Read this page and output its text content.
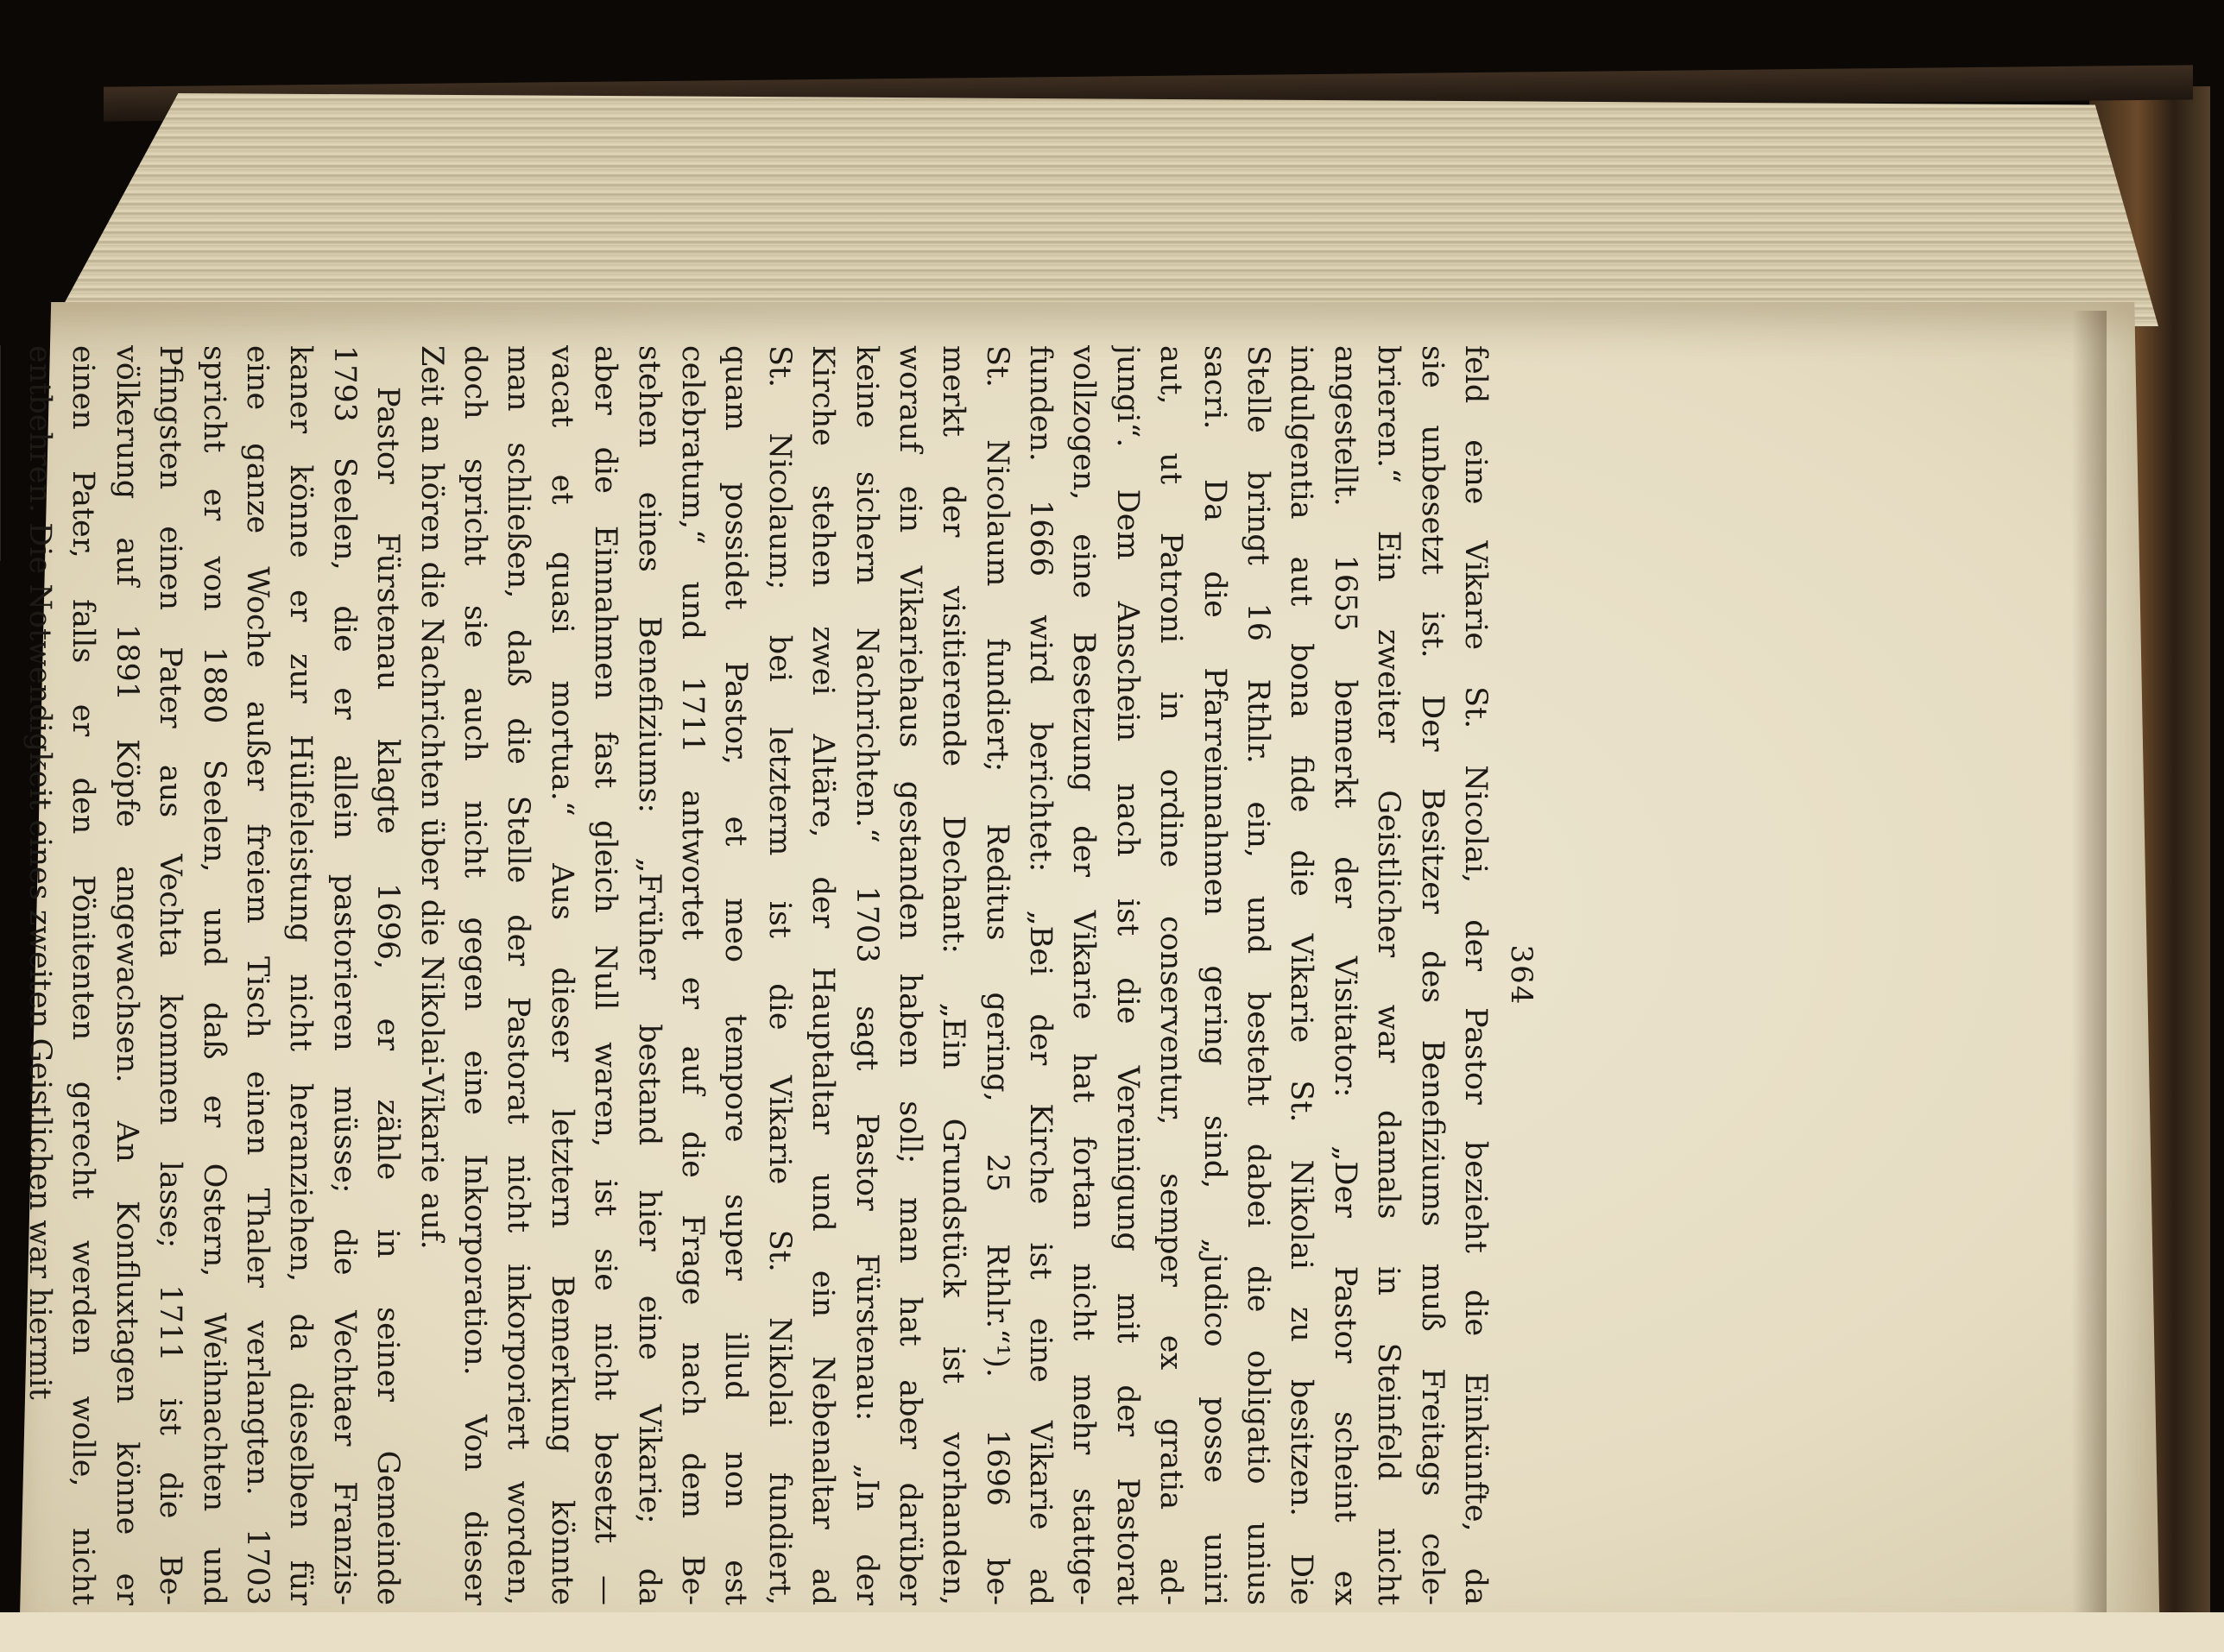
364
feld eine Vikarie St. Nicolai, der Pastor bezieht die Einkünfte, da
sie unbesetzt ist. Der Besitzer des Benefiziums muß Freitags cele-
brieren.“ Ein zweiter Geistlicher war damals in Steinfeld nicht
angestellt. 1655 bemerkt der Visitator: „Der Pastor scheint ex
indulgentia aut bona fide die Vikarie St. Nikolai zu besitzen. Die
Stelle bringt 16 Rthlr. ein, und besteht dabei die obligatio unius
sacri. Da die Pfarreinnahmen gering sind, „judico posse uniri
aut, ut Patroni in ordine conserventur, semper ex gratia ad-
jungi“. Dem Anschein nach ist die Vereinigung mit der Pastorat
vollzogen, eine Besetzung der Vikarie hat fortan nicht mehr stattge-
funden. 1666 wird berichtet: „Bei der Kirche ist eine Vikarie ad
St. Nicolaum fundiert; Reditus gering, 25 Rthlr.“¹). 1696 be-
merkt der visitierende Dechant: „Ein Grundstück ist vorhanden,
worauf ein Vikariehaus gestanden haben soll; man hat aber darüber
keine sichern Nachrichten.“ 1703 sagt Pastor Fürstenau: „In der
Kirche stehen zwei Altäre, der Hauptaltar und ein Nebenaltar ad
St. Nicolaum; bei letzterm ist die Vikarie St. Nikolai fundiert,
quam possidet Pastor, et meo tempore super illud non est
celebratum,“ und 1711 antwortet er auf die Frage nach dem Be-
stehen eines Benefiziums: „Früher bestand hier eine Vikarie; da
aber die Einnahmen fast gleich Null waren, ist sie nicht besetzt —
vacat et quasi mortua.“ Aus dieser letztern Bemerkung könnte
man schließen, daß die Stelle der Pastorat nicht inkorporiert worden,
doch spricht sie auch nicht gegen eine Inkorporation. Von dieser
Zeit an hören die Nachrichten über die Nikolai-Vikarie auf.
Pastor Fürstenau klagte 1696, er zähle in seiner Gemeinde
1793 Seelen, die er allein pastorieren müsse; die Vechtaer Franzis-
kaner könne er zur Hülfeleistung nicht heranziehen, da dieselben für
eine ganze Woche außer freiem Tisch einen Thaler verlangten. 1703
spricht er von 1880 Seelen, und daß er Ostern, Weihnachten und
Pfingsten einen Pater aus Vechta kommen lasse; 1711 ist die Be-
völkerung auf 1891 Köpfe angewachsen. An Konfluxtagen könne er
einen Pater, falls er den Pönitenten gerecht werden wolle, nicht
entbehren. Die Notwendigkeit eines zweiten Geistlichen war hiermit
